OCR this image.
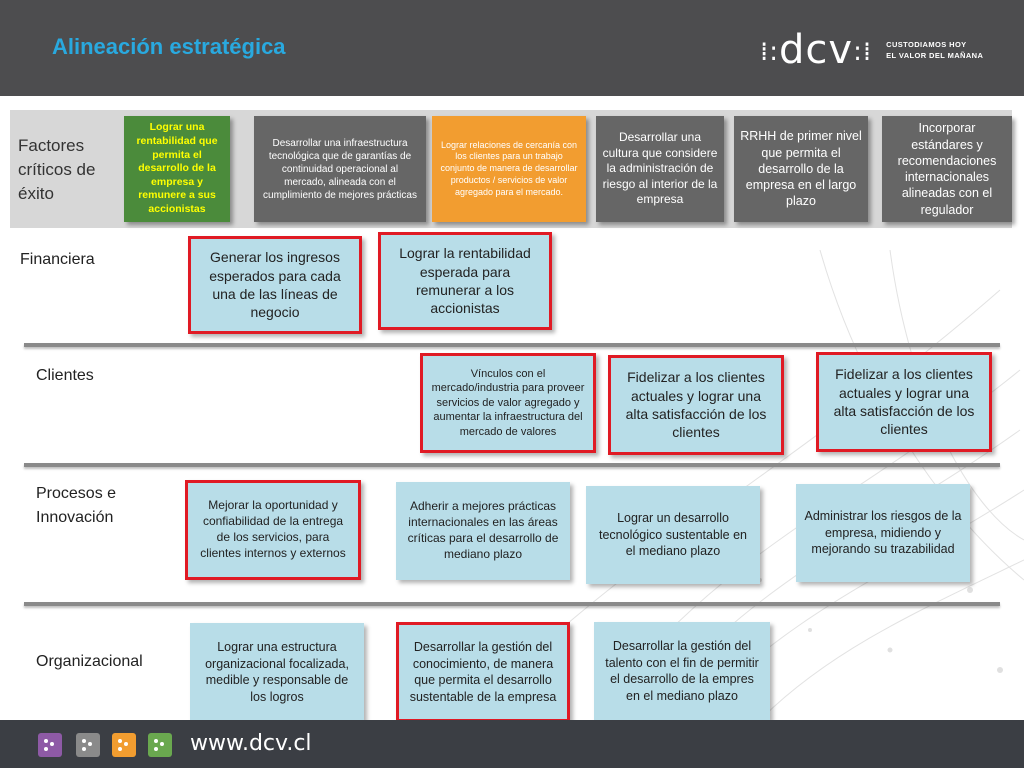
Alineación estratégica	⁞:dcv:⁞ CUSTODIAMOS HOY
EL VALOR DEL MAÑANA
Factores críticos de éxito
Lograr una rentabilidad que permita el desarrollo de la empresa y remunere a sus accionistas
Desarrollar una infraestructura tecnológica que de garantías de continuidad operacional al mercado, alineada con el cumplimiento de mejores prácticas
Lograr relaciones de cercanía con los clientes para un trabajo conjunto de manera de desarrollar productos / servicios de valor agregado para el mercado.
Desarrollar una cultura que considere la administración de riesgo al interior de la empresa
RRHH de primer nivel que permita el desarrollo de la empresa en el largo plazo
Incorporar estándares y recomendaciones internacionales alineadas con el regulador
Financiera	Generar los ingresos esperados para cada una de las líneas de negocio
Lograr la rentabilidad esperada para remunerar a los accionistas
Clientes	Vínculos con el mercado/industria para proveer servicios de valor agregado y aumentar la infraestructura del mercado de valores
Fidelizar a los clientes actuales y lograr una alta satisfacción de los clientes
Fidelizar a los clientes actuales y lograr una alta satisfacción de los clientes
Procesos e
Innovación
Mejorar la oportunidad y confiabilidad de la entrega de los servicios, para clientes internos y externos
Adherir a mejores prácticas internacionales en las áreas críticas para el desarrollo de mediano plazo
Lograr un desarrollo tecnológico sustentable en el mediano plazo
Administrar los riesgos de la empresa, midiendo y mejorando su trazabilidad
Organizacional
Lograr una estructura organizacional focalizada, medible y responsable de los logros
Desarrollar la gestión del conocimiento, de manera que permita el desarrollo sustentable de la empresa
Desarrollar la gestión del talento con el fin de permitir el desarrollo de la empres en el mediano plazo
www.dcv.cl
